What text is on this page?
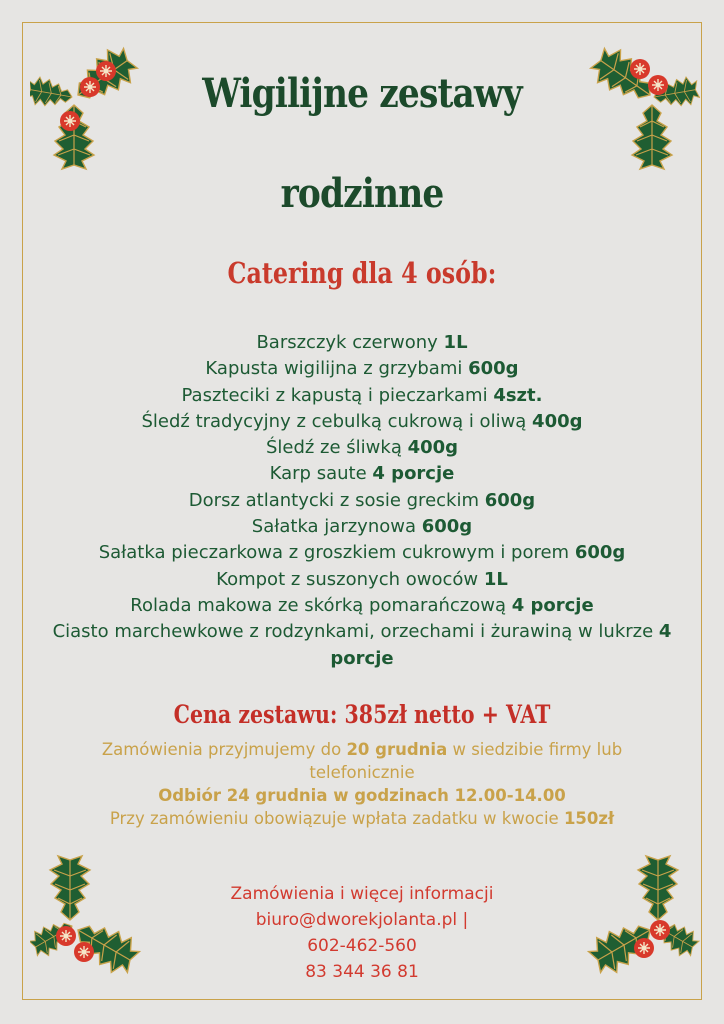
Wigilijne zestawy
rodzinne
Catering dla 4 osób:
Barszczyk czerwony 1L
Kapusta wigilijna z grzybami 600g
Paszteciki z kapustą i pieczarkami 4szt.
Śledź tradycyjny z cebulką cukrową i oliwą 400g
Śledź ze śliwką 400g
Karp saute 4 porcje
Dorsz atlantycki z sosie greckim 600g
Sałatka jarzynowa 600g
Sałatka pieczarkowa z groszkiem cukrowym i porem 600g
Kompot z suszonych owoców 1L
Rolada makowa ze skórką pomarańczową 4 porcje
Ciasto marchewkowe z rodzynkami, orzechami i żurawiną w lukrze 4 porcje
Cena zestawu: 385zł netto + VAT

Zamówienia przyjmujemy do 20 grudnia w siedzibie firmy lub telefonicznie

Odbiór 24 grudnia w godzinach 12.00-14.00

Przy zamówieniu obowiązuje wpłata zadatku w kwocie 150zł

Zamówienia i więcej informacji

biuro@dworekjolanta.pl |

602-462-560

83 344 36 81
